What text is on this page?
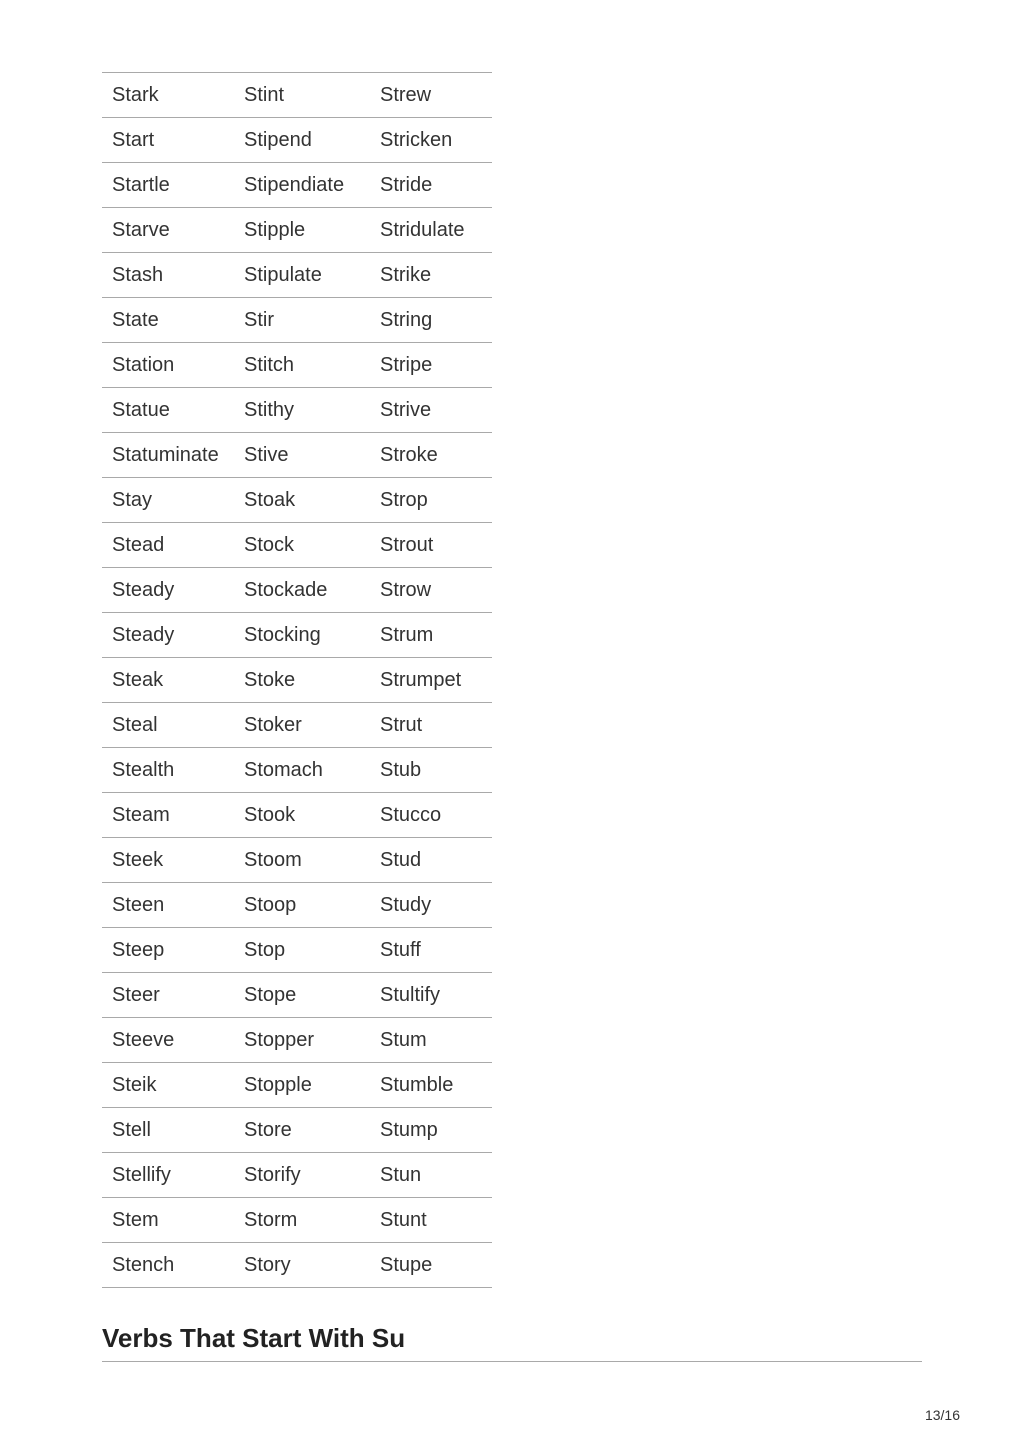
Stark	Stint	Strew
Start	Stipend	Stricken
Startle	Stipendiate	Stride
Starve	Stipple	Stridulate
Stash	Stipulate	Strike
State	Stir	String
Station	Stitch	Stripe
Statue	Stithy	Strive
Statuminate	Stive	Stroke
Stay	Stoak	Strop
Stead	Stock	Strout
Steady	Stockade	Strow
Steady	Stocking	Strum
Steak	Stoke	Strumpet
Steal	Stoker	Strut
Stealth	Stomach	Stub
Steam	Stook	Stucco
Steek	Stoom	Stud
Steen	Stoop	Study
Steep	Stop	Stuff
Steer	Stope	Stultify
Steeve	Stopper	Stum
Steik	Stopple	Stumble
Stell	Store	Stump
Stellify	Storify	Stun
Stem	Storm	Stunt
Stench	Story	Stupe
Verbs That Start With Su
13/16
